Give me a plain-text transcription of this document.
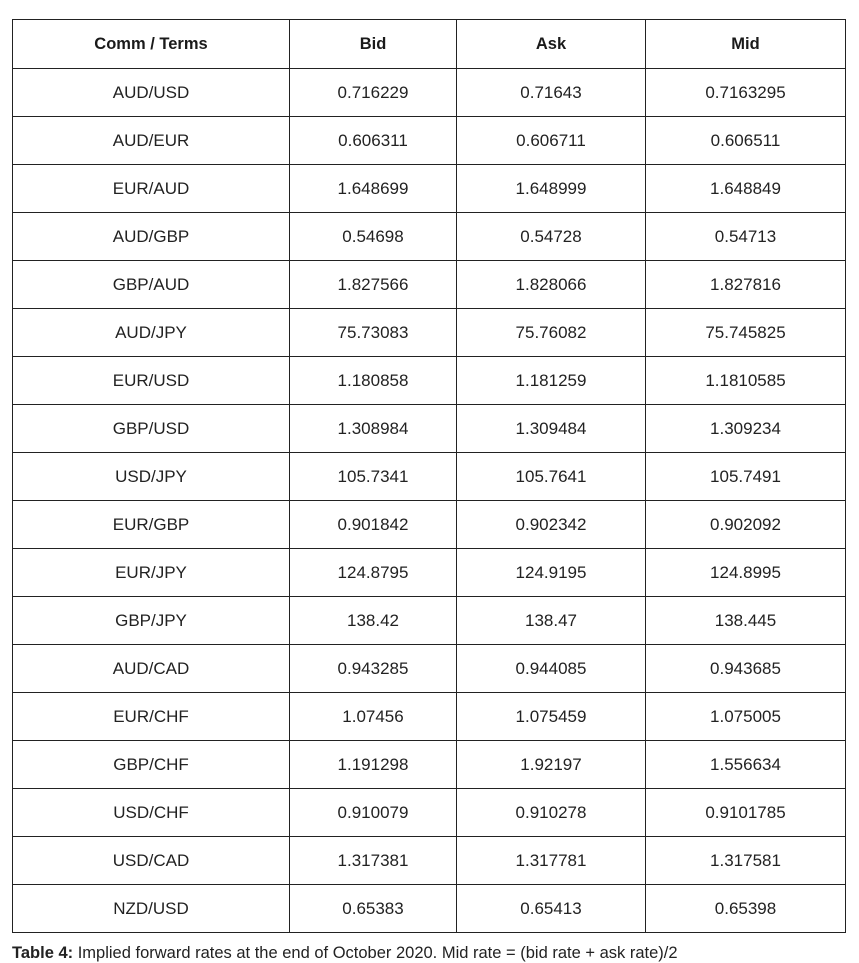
Comm / Terms	Bid	Ask	Mid
AUD/USD	0.716229	0.71643	0.7163295
AUD/EUR	0.606311	0.606711	0.606511
EUR/AUD	1.648699	1.648999	1.648849
AUD/GBP	0.54698	0.54728	0.54713
GBP/AUD	1.827566	1.828066	1.827816
AUD/JPY	75.73083	75.76082	75.745825
EUR/USD	1.180858	1.181259	1.1810585
GBP/USD	1.308984	1.309484	1.309234
USD/JPY	105.7341	105.7641	105.7491
EUR/GBP	0.901842	0.902342	0.902092
EUR/JPY	124.8795	124.9195	124.8995
GBP/JPY	138.42	138.47	138.445
AUD/CAD	0.943285	0.944085	0.943685
EUR/CHF	1.07456	1.075459	1.075005
GBP/CHF	1.191298	1.92197	1.556634
USD/CHF	0.910079	0.910278	0.9101785
USD/CAD	1.317381	1.317781	1.317581
NZD/USD	0.65383	0.65413	0.65398
Table 4: Implied forward rates at the end of October 2020. Mid rate = (bid rate + ask rate)/2
